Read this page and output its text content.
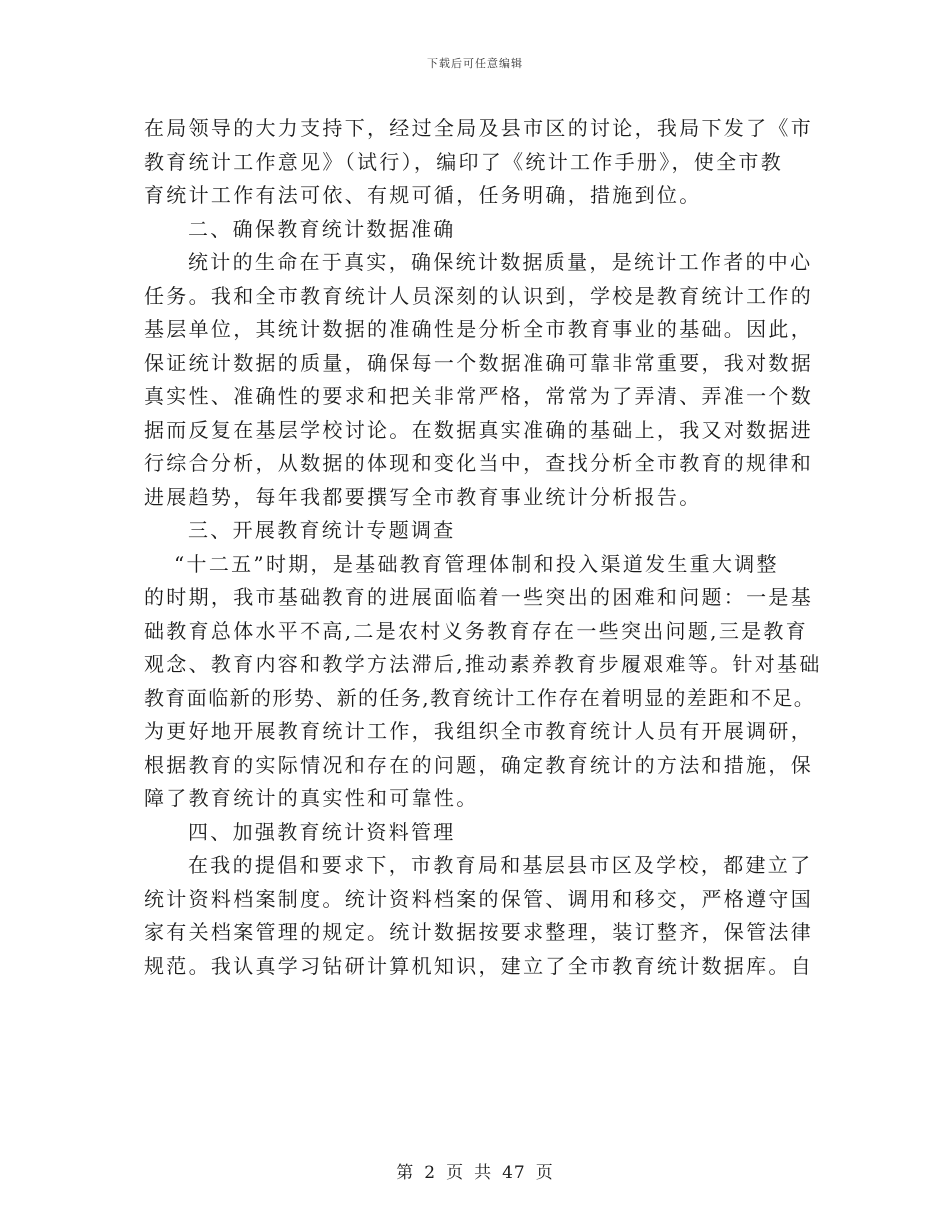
下载后可任意编辑
在局领导的大力支持下，经过全局及县市区的讨论，我局下发了《市
教育统计工作意见》（试行），编印了《统计工作手册》，使全市教
育统计工作有法可依、有规可循，任务明确，措施到位。
二、确保教育统计数据准确
统计的生命在于真实，确保统计数据质量，是统计工作者的中心
任务。我和全市教育统计人员深刻的认识到，学校是教育统计工作的
基层单位，其统计数据的准确性是分析全市教育事业的基础。因此，
保证统计数据的质量，确保每一个数据准确可靠非常重要，我对数据
真实性、准确性的要求和把关非常严格，常常为了弄清、弄准一个数
据而反复在基层学校讨论。在数据真实准确的基础上，我又对数据进
行综合分析，从数据的体现和变化当中，查找分析全市教育的规律和
进展趋势，每年我都要撰写全市教育事业统计分析报告。
三、开展教育统计专题调查
“十二五”时期，是基础教育管理体制和投入渠道发生重大调整
的时期，我市基础教育的进展面临着一些突出的困难和问题：一是基
础教育总体水平不高,二是农村义务教育存在一些突出问题,三是教育
观念、教育内容和教学方法滞后,推动素养教育步履艰难等。针对基础
教育面临新的形势、新的任务,教育统计工作存在着明显的差距和不足。
为更好地开展教育统计工作，我组织全市教育统计人员有开展调研，
根据教育的实际情况和存在的问题，确定教育统计的方法和措施，保
障了教育统计的真实性和可靠性。
四、加强教育统计资料管理
在我的提倡和要求下，市教育局和基层县市区及学校，都建立了
统计资料档案制度。统计资料档案的保管、调用和移交，严格遵守国
家有关档案管理的规定。统计数据按要求整理，装订整齐，保管法律
规范。我认真学习钻研计算机知识，建立了全市教育统计数据库。自
第 2 页 共 47 页
